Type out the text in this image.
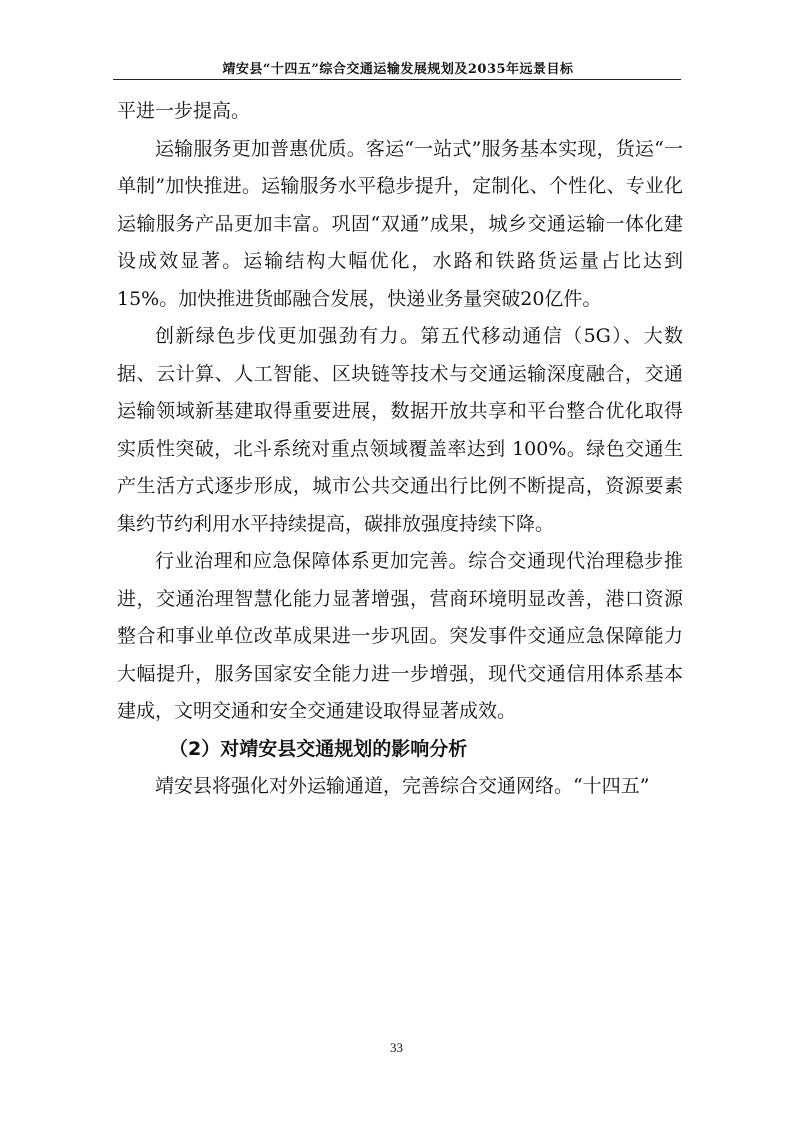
靖安县“十四五”综合交通运输发展规划及2035年远景目标

平进一步提高。

运输服务更加普惠优质。客运“一站式”服务基本实现，货运“一单制”加快推进。运输服务水平稳步提升，定制化、个性化、专业化运输服务产品更加丰富。巩固“双通”成果，城乡交通运输一体化建设成效显著。运输结构大幅优化，水路和铁路货运量占比达到 15%。加快推进货邮融合发展，快递业务量突破20亿件。

创新绿色步伐更加强劲有力。第五代移动通信（5G）、大数据、云计算、人工智能、区块链等技术与交通运输深度融合，交通运输领域新基建取得重要进展，数据开放共享和平台整合优化取得实质性突破，北斗系统对重点领域覆盖率达到 100%。绿色交通生产生活方式逐步形成，城市公共交通出行比例不断提高，资源要素集约节约利用水平持续提高，碳排放强度持续下降。

行业治理和应急保障体系更加完善。综合交通现代治理稳步推进，交通治理智慧化能力显著增强，营商环境明显改善，港口资源整合和事业单位改革成果进一步巩固。突发事件交通应急保障能力大幅提升，服务国家安全能力进一步增强，现代交通信用体系基本建成，文明交通和安全交通建设取得显著成效。

（2）对靖安县交通规划的影响分析

靖安县将强化对外运输通道，完善综合交通网络。“十四五”

33
